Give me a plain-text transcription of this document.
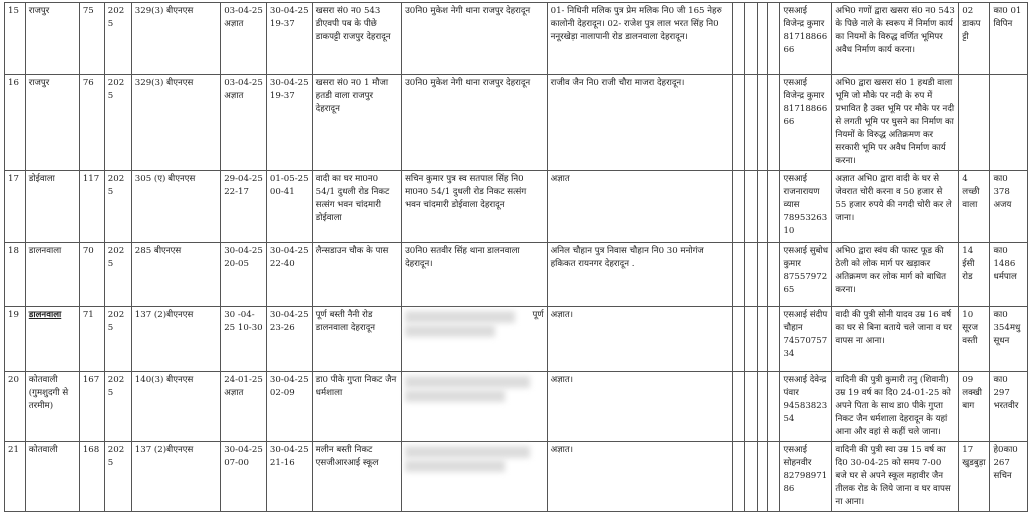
15	राजपुर	75	2025	329(3) बीएनएस	03-04-25 अज्ञात	30-04-25 19-37	खसरा सं0 न0 543 डीएवपी पब के पीछे डाकपट्टी राजपुर देहरादून	उ0नि0 मुकेश नेगी थाना राजपुर देहरादून	01- निधिनी मलिक पुत्र प्रेम मलिक नि0 जी 165 नेहरु कालोनी देहरादून। 02- राजेश पुत्र लाल भरत सिंह नि0 ननूरखेड़ा नालापानी रोड डालनवाला देहरादून।					एसआई विजेन्द्र कुमार 8171886666	अभि0 गणों द्वारा खसरा सं0 न0 543 के पिछे नाले के स्वरूप में निर्माण कार्य का नियमों के विरुद्ध वर्णित भूमिपर अवैध निर्माण कार्य करना।	02 डाकपट्टी	का0 01 विपिन
16	राजपुर	76	2025	329(3) बीएनएस	03-04-25 अज्ञात	30-04-25 19-37	खसरा सं0 न0 1 मौजा हतडी वाला राजपुर देहरादून	उ0नि0 मुकेश नेगी थाना राजपुर देहरादून	राजीव जैन नि0 राजी चौरा माजरा देहरादून।					एसआई विजेन्द्र कुमार 8171886666	अभि0 द्वारा खसरा सं0 1 हथडी वाला भूमि जो मौके पर नदी के रुप में प्रभावित है उक्त भूमि पर मौके पर नदी से लगती भूमि पर घुसने का निर्माण का नियमों के विरुद्ध अतिक्रमण कर सरकारी भूमि पर अवैध निर्माण कार्य करना।		
17	डोईवाला	117	2025	305 (ए) बीएनएस	29-04-25 22-17	01-05-25 00-41	वादी का घर मा0न0 54/1 दुधली रोड निकट सत्संग भवन चांदमारी डोईवाला	सचिन कुमार पुत्र स्व सतपाल सिंह नि0 मा0न0 54/1 दुधली रोड निकट सत्संग भवन चांदमारी डोईवाला देहरादून	अज्ञात					एसआई राजनारायण व्यास 7895326310	अज्ञात अभि0 द्वारा वादी के घर से जेवरात चोरी करना व 50 हजार से 55 हजार रुपये की नगदी चोरी कर ले जाना।	4 लच्छीवाला	का0 378 अजय
18	डालनवाला	70	2025	285 बीएनएस	30-04-25 20-05	30-04-25 22-40	लैन्सडाउन चौक के पास	उ0नि0 सतवीर सिंह थाना डालनवाला देहरादून।	अनिल चौहान पुत्र निवास चौहान नि0 30 मनोगंज हकिकत रायनगर देहरादून .					एसआई सुबोध कुमार 8755797265	अभि0 द्वारा स्वंय की फास्ट फूड की ठेली को लोक मार्ग पर खड़ाकर अतिक्रमण कर लोक मार्ग को बाधित करना।	14 ईसी रोड	का0 1486 धर्मपाल
19	डालनवाला	71	2025	137 (2)बीएनएस	30 -04-25 10-30	30-04-25 23-26	पूर्ण बस्ती नैनी रोड डालनवाला देहरादून	पूर्ण	अज्ञात।					एसआई संदीप चौहान 7457075734	वादी की पुत्री सोनी यादव उम्र 16 वर्ष का घर से बिना बताये चले जाना व घर वापस ना आना।	10 सूरज वस्ती	का0 354मधुसूधन
20	कोतवाली (गुमशुदगी से तरमीम)	167	2025	140(3) बीएनएस	24-01-25 अज्ञात	30-04-25 02-09	डा0 पीके गुप्ता निकट जैन धर्मशाला		अज्ञात।					एसआई देवेन्द्र पंवार 9458382354	वादिनी की पुत्री कुमारी तनु (शिवानी) उम्र 19 वर्ष का दि0 24-01-25 को अपने पिता के साथ डा0 पीके गुप्ता निकट जैन धर्मशाला देहरादून के यहां आना और वहां से कहीं चले जाना।	09 लक्खीबाग	का0 297 भरतवीर
21	कोतवाली	168	2025	137 (2)बीएनएस	30-04-25 07-00	30-04-25 21-16	मलीन बस्ती निकट एसजीआरआई स्कूल		अज्ञात।					एसआई सोहनवीर 8279897186	वादिनी की पुत्री स्वा उम्र 15 वर्ष का दि0 30-04-25 को समय 7-00 बजे घर से अपने स्कूल महावीर जैन तीलक रोड के लिये जाना व घर वापस ना आना।	17 खुडबुड़ा	हे0का0 267 सचिन
